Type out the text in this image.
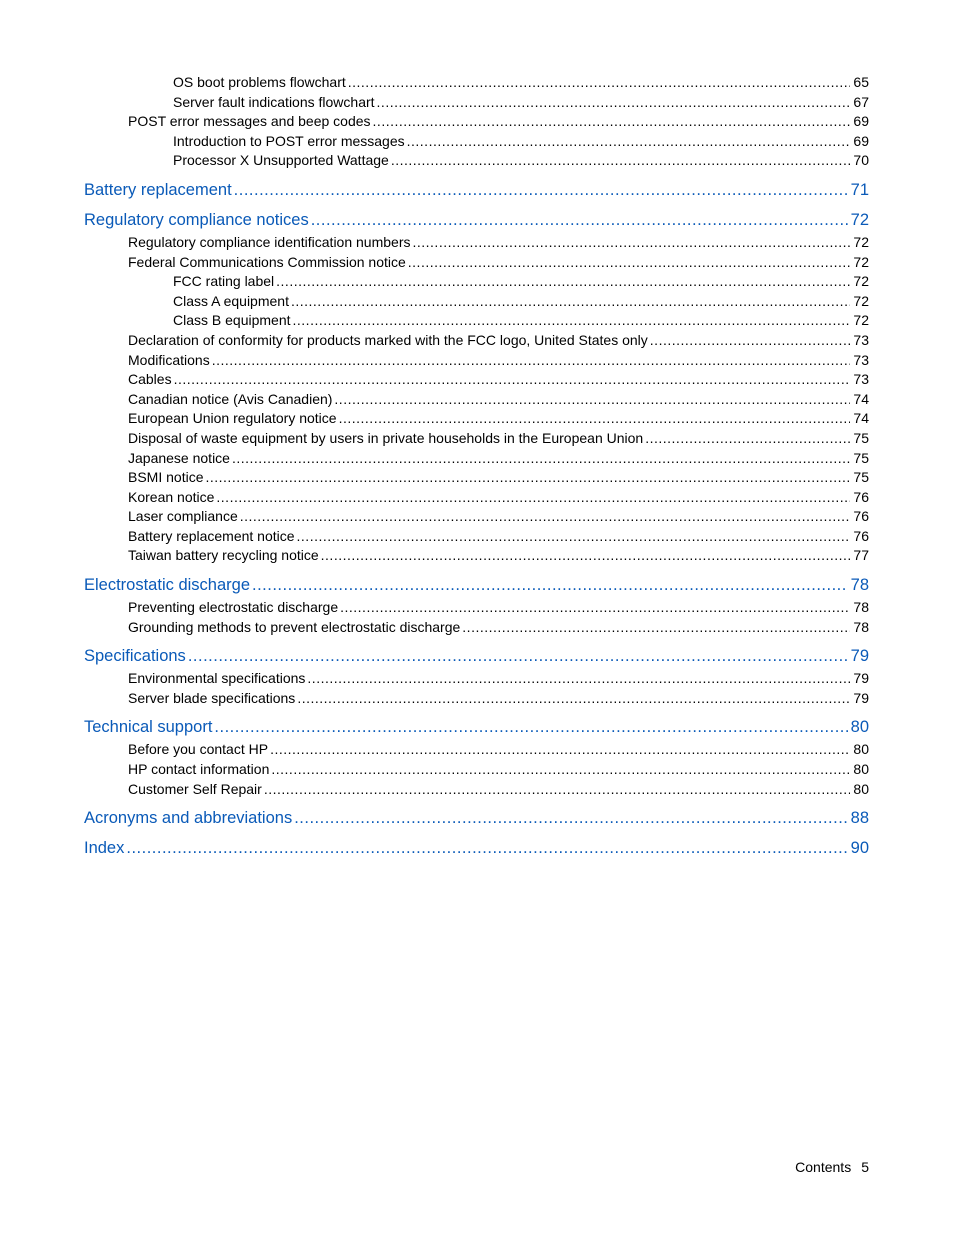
OS boot problems flowchart .....	65
Server fault indications flowchart .....	67
POST error messages and beep codes .....	69
Introduction to POST error messages .....	69
Processor X Unsupported Wattage .....	70
Battery replacement .....	71
Regulatory compliance notices .....	72
Regulatory compliance identification numbers .....	72
Federal Communications Commission notice .....	72
FCC rating label .....	72
Class A equipment .....	72
Class B equipment .....	72
Declaration of conformity for products marked with the FCC logo, United States only .....	73
Modifications .....	73
Cables .....	73
Canadian notice (Avis Canadien) .....	74
European Union regulatory notice .....	74
Disposal of waste equipment by users in private households in the European Union .....	75
Japanese notice .....	75
BSMI notice .....	75
Korean notice .....	76
Laser compliance .....	76
Battery replacement notice .....	76
Taiwan battery recycling notice .....	77
Electrostatic discharge .....	78
Preventing electrostatic discharge .....	78
Grounding methods to prevent electrostatic discharge .....	78
Specifications .....	79
Environmental specifications .....	79
Server blade specifications .....	79
Technical support .....	80
Before you contact HP .....	80
HP contact information .....	80
Customer Self Repair .....	80
Acronyms and abbreviations .....	88
Index .....	90
Contents 5
